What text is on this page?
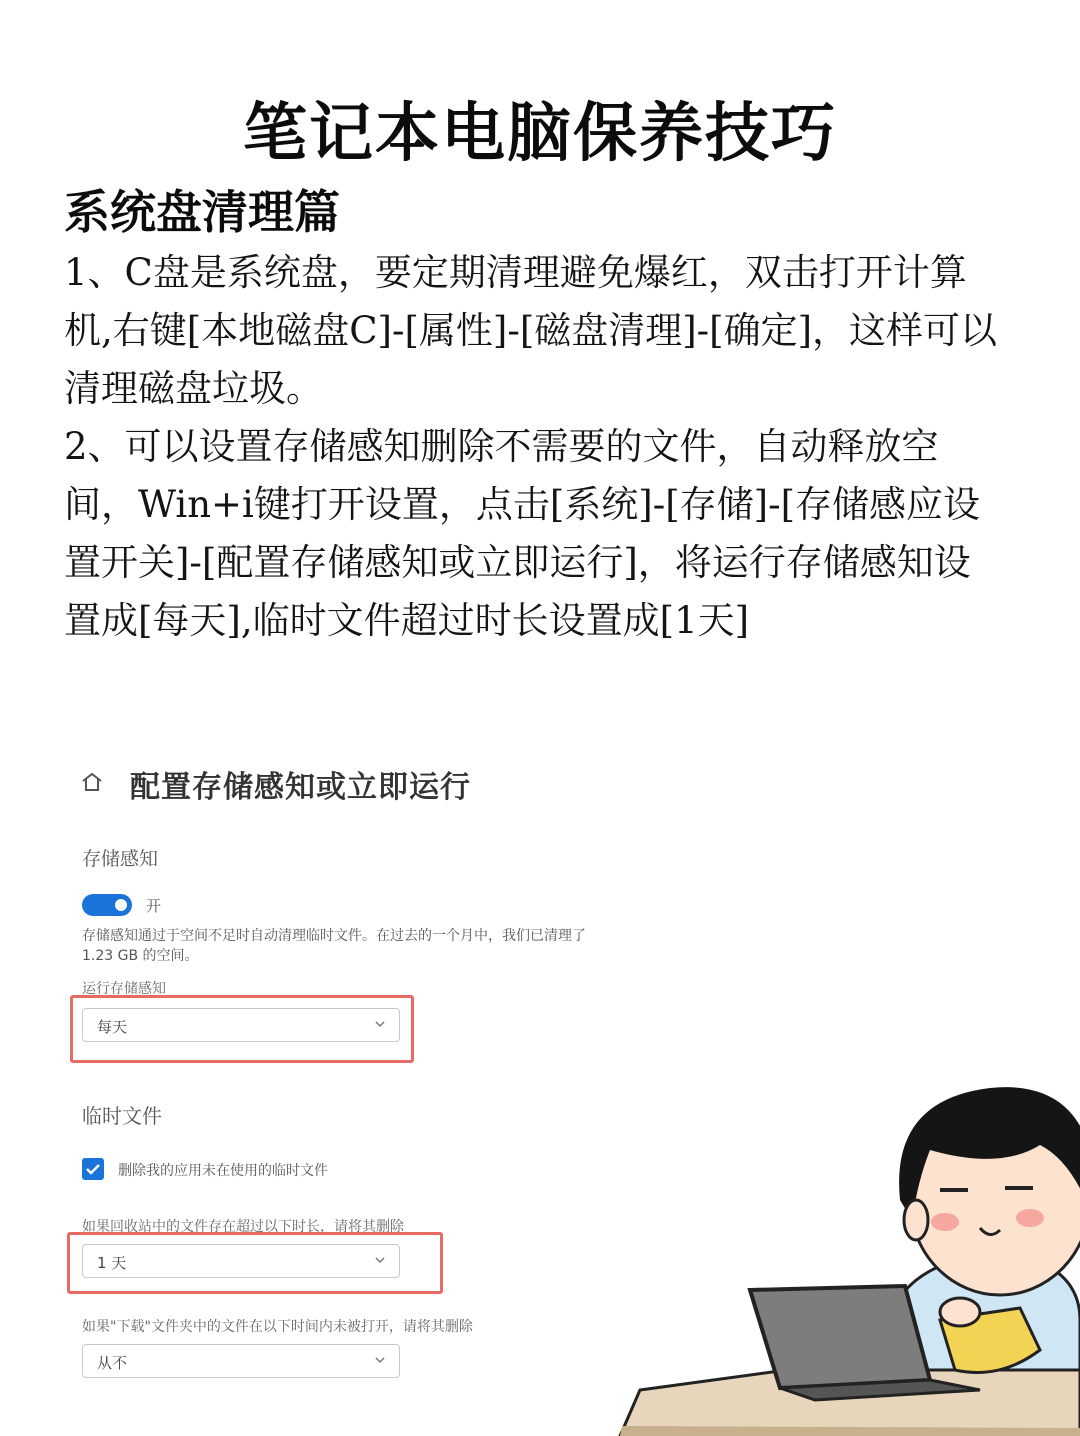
笔记本电脑保养技巧
系统盘清理篇
1、C盘是系统盘，要定期清理避免爆红，双击打开计算机,右键[本地磁盘C]-[属性]-[磁盘清理]-[确定]，这样可以清理磁盘垃圾。
2、可以设置存储感知删除不需要的文件，自动释放空间，Win+i键打开设置，点击[系统]-[存储]-[存储感应设置开关]-[配置存储感知或立即运行]，将运行存储感知设置成[每天],临时文件超过时长设置成[1天]
配置存储感知或立即运行
存储感知
开
存储感知通过于空间不足时自动清理临时文件。在过去的一个月中，我们已清理了 1.23 GB 的空间。
运行存储感知
每天
临时文件
删除我的应用未在使用的临时文件
如果回收站中的文件存在超过以下时长，请将其删除
1 天
如果"下载"文件夹中的文件在以下时间内未被打开，请将其删除
从不
